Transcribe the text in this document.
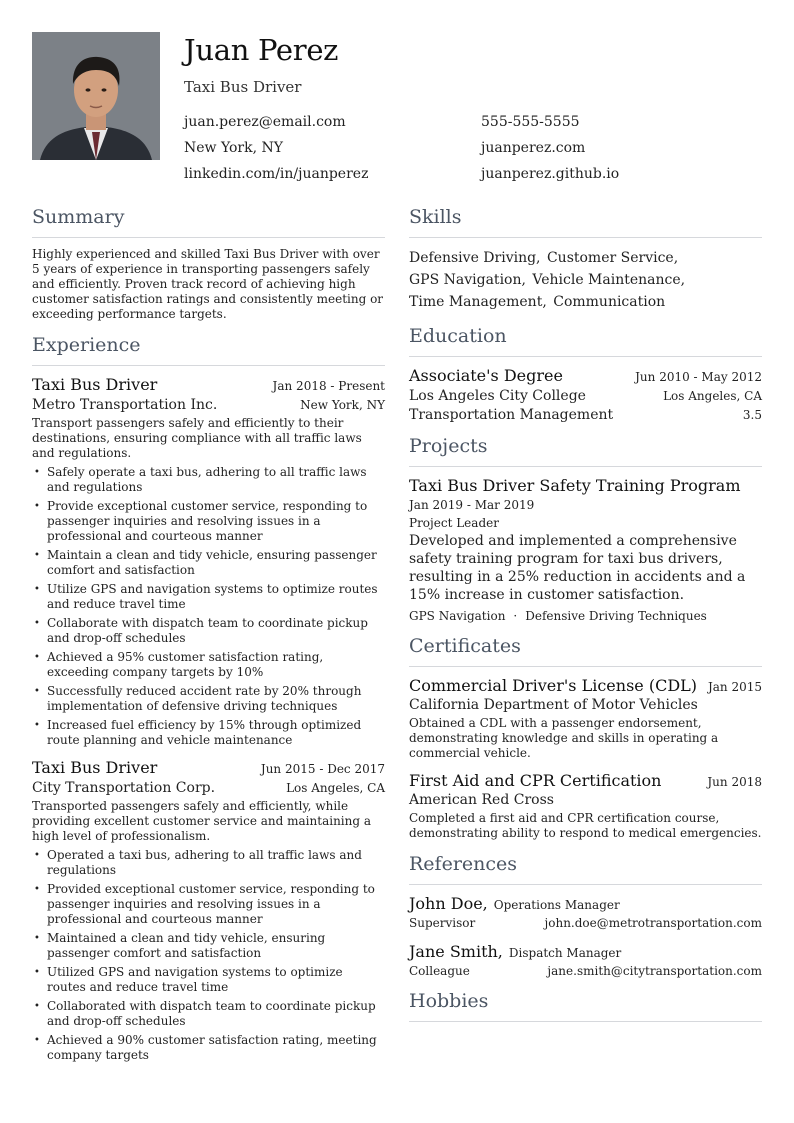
Juan Perez
Taxi Bus Driver
juan.perez@email.com	555-555-5555
New York, NY	juanperez.com
linkedin.com/in/juanperez	juanperez.github.io
Summary
Highly experienced and skilled Taxi Bus Driver with over 5 years of experience in transporting passengers safely and efficiently. Proven track record of achieving high customer satisfaction ratings and consistently meeting or exceeding performance targets.
Experience
Taxi Bus Driver	Jan 2018 - Present
Metro Transportation Inc.	New York, NY
Transport passengers safely and efficiently to their destinations, ensuring compliance with all traffic laws and regulations.
• Safely operate a taxi bus, adhering to all traffic laws and regulations
• Provide exceptional customer service, responding to passenger inquiries and resolving issues in a professional and courteous manner
• Maintain a clean and tidy vehicle, ensuring passenger comfort and satisfaction
• Utilize GPS and navigation systems to optimize routes and reduce travel time
• Collaborate with dispatch team to coordinate pickup and drop-off schedules
• Achieved a 95% customer satisfaction rating, exceeding company targets by 10%
• Successfully reduced accident rate by 20% through implementation of defensive driving techniques
• Increased fuel efficiency by 15% through optimized route planning and vehicle maintenance
Taxi Bus Driver	Jun 2015 - Dec 2017
City Transportation Corp.	Los Angeles, CA
Transported passengers safely and efficiently, while providing excellent customer service and maintaining a high level of professionalism.
• Operated a taxi bus, adhering to all traffic laws and regulations
• Provided exceptional customer service, responding to passenger inquiries and resolving issues in a professional and courteous manner
• Maintained a clean and tidy vehicle, ensuring passenger comfort and satisfaction
• Utilized GPS and navigation systems to optimize routes and reduce travel time
• Collaborated with dispatch team to coordinate pickup and drop-off schedules
• Achieved a 90% customer satisfaction rating, meeting company targets
Skills
Defensive Driving, Customer Service,
GPS Navigation, Vehicle Maintenance,
Time Management, Communication
Education
Associate's Degree	Jun 2010 - May 2012
Los Angeles City College	Los Angeles, CA
Transportation Management	3.5
Projects
Taxi Bus Driver Safety Training Program
Jan 2019 - Mar 2019
Project Leader
Developed and implemented a comprehensive safety training program for taxi bus drivers, resulting in a 25% reduction in accidents and a 15% increase in customer satisfaction.
GPS Navigation · Defensive Driving Techniques
Certificates
Commercial Driver's License (CDL) Jan 2015
California Department of Motor Vehicles
Obtained a CDL with a passenger endorsement, demonstrating knowledge and skills in operating a commercial vehicle.
First Aid and CPR Certification	Jun 2018
American Red Cross
Completed a first aid and CPR certification course, demonstrating ability to respond to medical emergencies.
References
John Doe, Operations Manager
Supervisor	john.doe@metrotransportation.com
Jane Smith, Dispatch Manager
Colleague	jane.smith@citytransportation.com
Hobbies
